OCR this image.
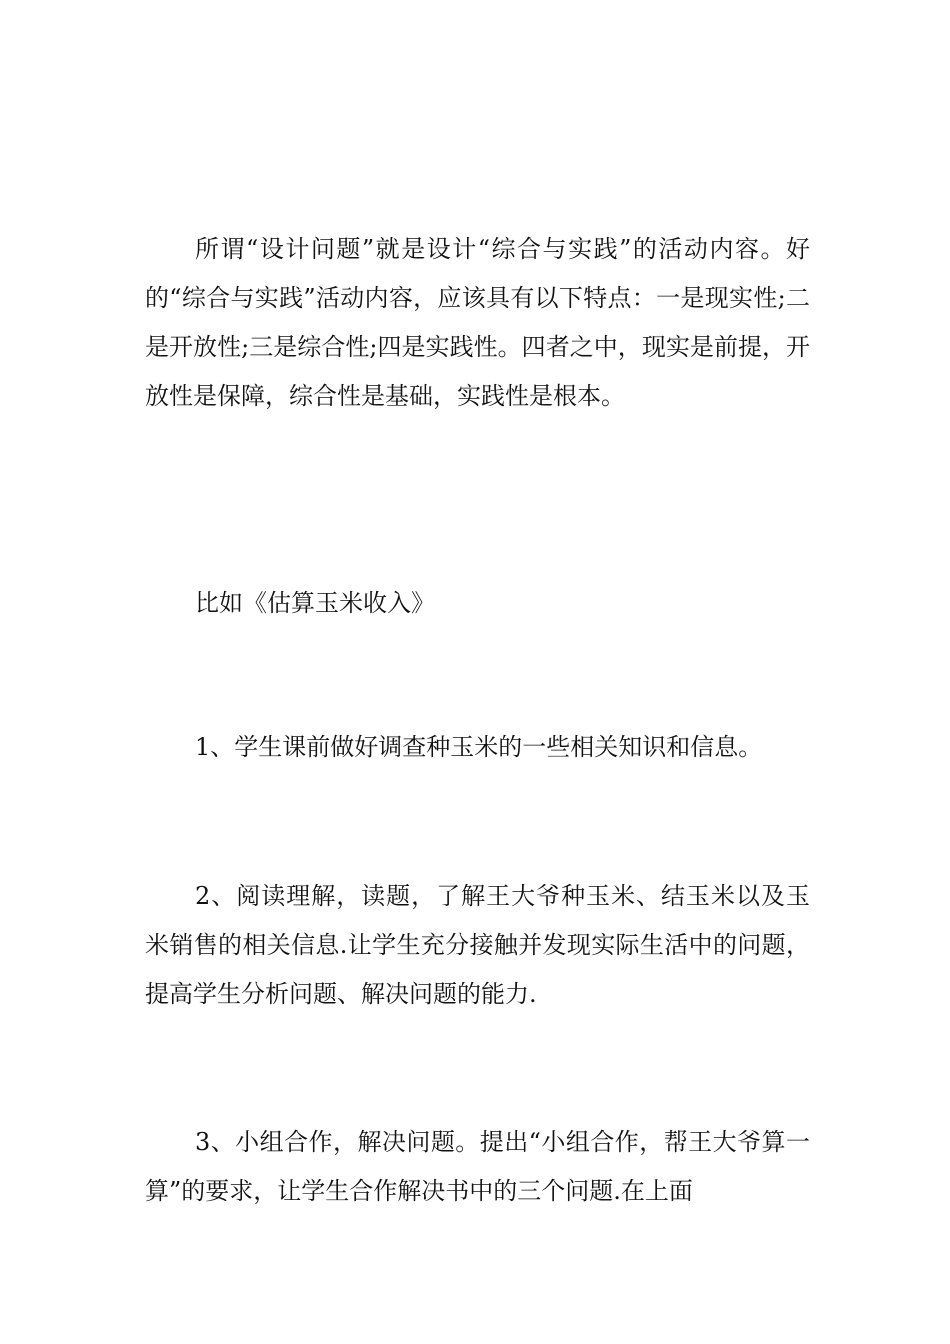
所谓“设计问题”就是设计“综合与实践”的活动内容。好的“综合与实践”活动内容，应该具有以下特点：一是现实性;二是开放性;三是综合性;四是实践性。四者之中，现实是前提，开放性是保障，综合性是基础，实践性是根本。

比如《估算玉米收入》

1、学生课前做好调查种玉米的一些相关知识和信息。

2、阅读理解，读题，了解王大爷种玉米、结玉米以及玉米销售的相关信息.让学生充分接触并发现实际生活中的问题，提高学生分析问题、解决问题的能力.

3、小组合作，解决问题。提出“小组合作，帮王大爷算一算”的要求，让学生合作解决书中的三个问题.在上面
